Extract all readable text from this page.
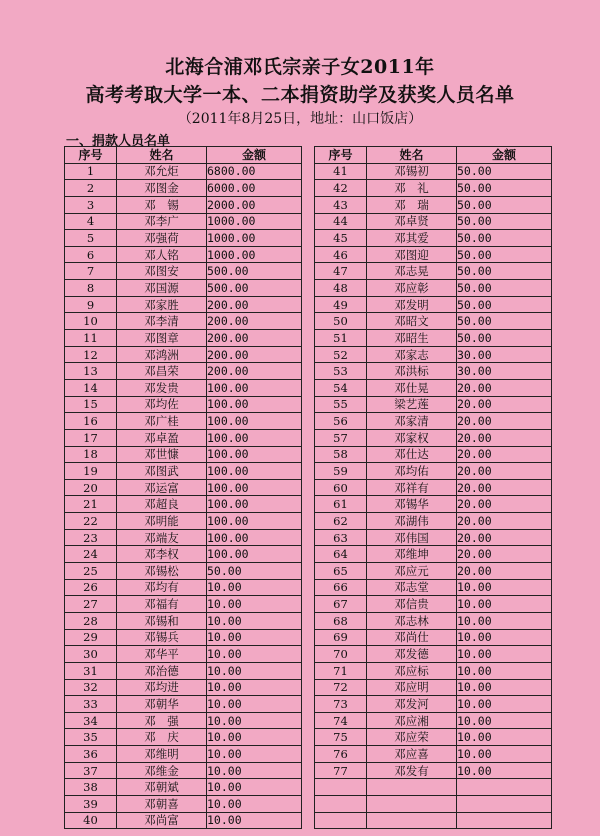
北海合浦邓氏宗亲子女2011年
高考考取大学一本、二本捐资助学及获奖人员名单
（2011年8月25日，地址：山口饭店）
一、捐款人员名单
序号	姓名	金额
1	邓允炬	6800.00
2	邓图金	6000.00
3	邓　锡	2000.00
4	邓李广	1000.00
5	邓强荷	1000.00
6	邓人铭	1000.00
7	邓图安	500.00
8	邓国源	500.00
9	邓家胜	200.00
10	邓李清	200.00
11	邓图章	200.00
12	邓鸿洲	200.00
13	邓昌荣	200.00
14	邓发贵	100.00
15	邓均佐	100.00
16	邓广桂	100.00
17	邓卓盈	100.00
18	邓世慷	100.00
19	邓图武	100.00
20	邓运富	100.00
21	邓超良	100.00
22	邓明能	100.00
23	邓端友	100.00
24	邓李权	100.00
25	邓锡松	50.00
26	邓均有	10.00
27	邓福有	10.00
28	邓锡和	10.00
29	邓锡兵	10.00
30	邓华平	10.00
31	邓治德	10.00
32	邓均进	10.00
33	邓朝华	10.00
34	邓　强	10.00
35	邓　庆	10.00
36	邓维明	10.00
37	邓维金	10.00
38	邓朝斌	10.00
39	邓朝喜	10.00
40	邓尚富	10.00
序号	姓名	金额
41	邓锡初	50.00
42	邓　礼	50.00
43	邓　瑞	50.00
44	邓卓贤	50.00
45	邓其爱	50.00
46	邓图迎	50.00
47	邓志晃	50.00
48	邓应彰	50.00
49	邓发明	50.00
50	邓昭文	50.00
51	邓昭生	50.00
52	邓家志	30.00
53	邓洪标	30.00
54	邓仕晃	20.00
55	梁艺莲	20.00
56	邓家清	20.00
57	邓家权	20.00
58	邓仕达	20.00
59	邓均佑	20.00
60	邓祥有	20.00
61	邓锡华	20.00
62	邓湖伟	20.00
63	邓伟国	20.00
64	邓维坤	20.00
65	邓应元	20.00
66	邓志堂	10.00
67	邓信贵	10.00
68	邓志林	10.00
69	邓尚仕	10.00
70	邓发德	10.00
71	邓应标	10.00
72	邓应明	10.00
73	邓发河	10.00
74	邓应湘	10.00
75	邓应荣	10.00
76	邓应喜	10.00
77	邓发有	10.00
